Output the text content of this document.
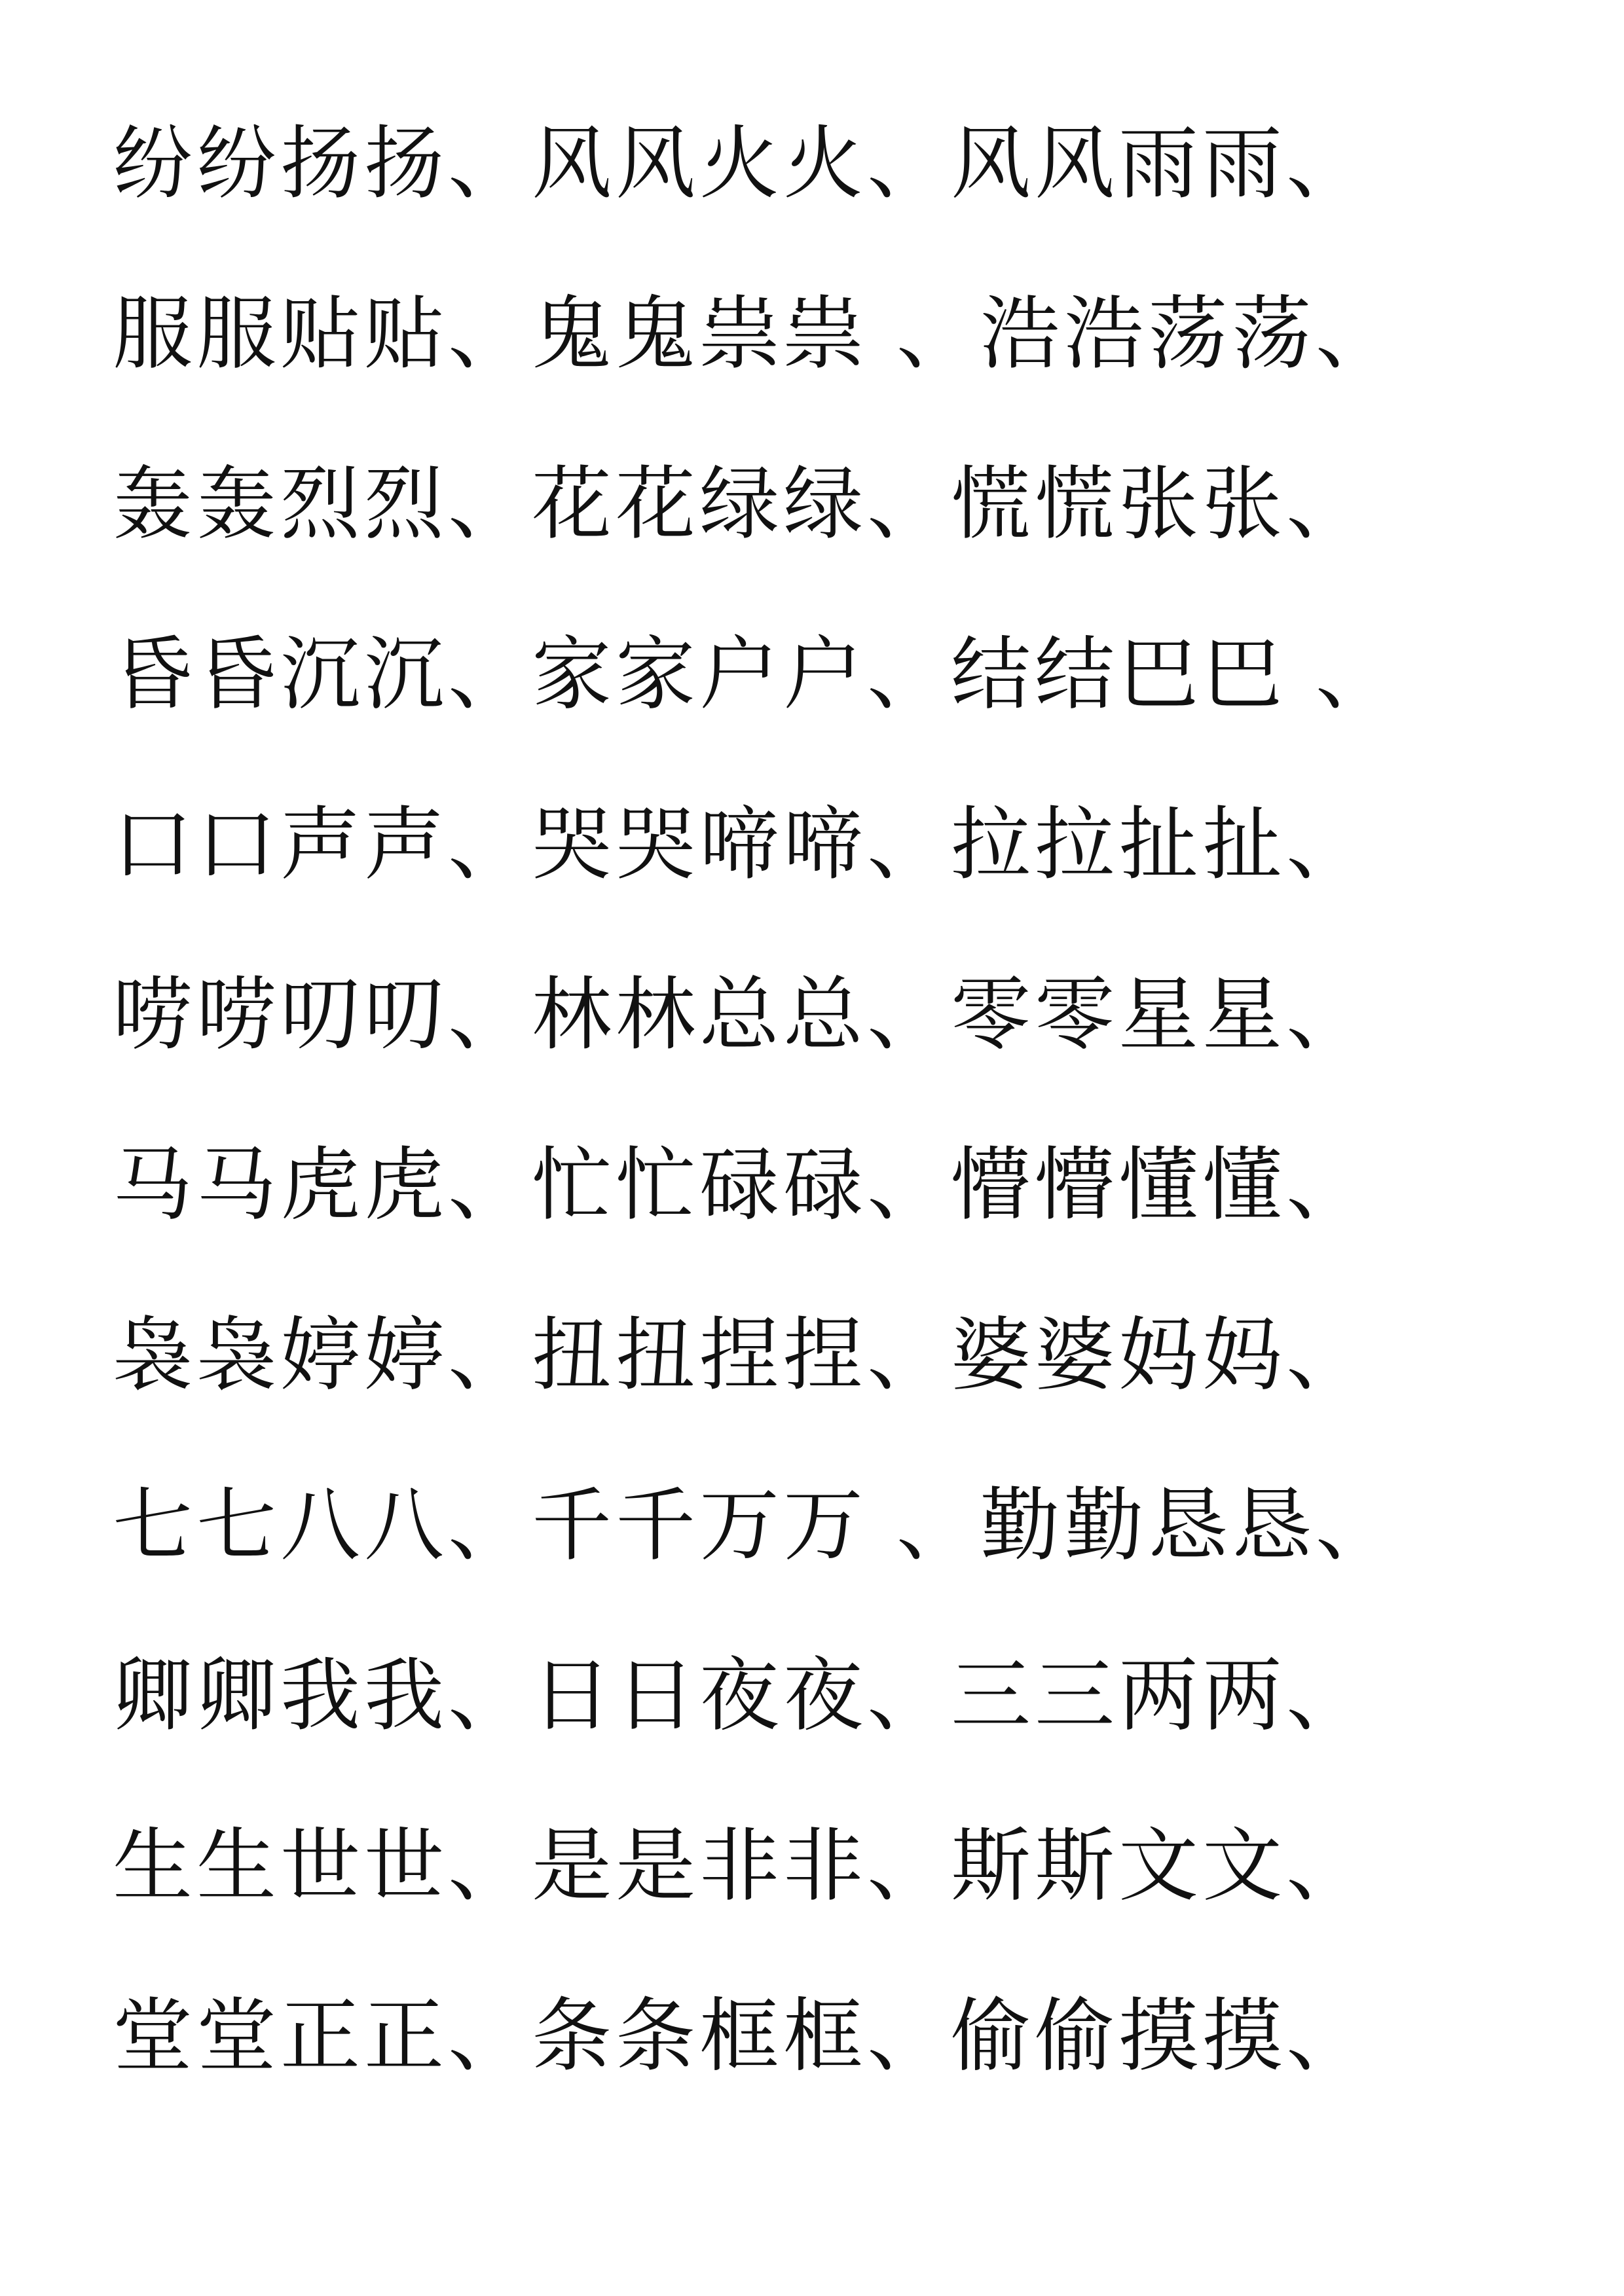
纷纷扬扬、风风火火、风风雨雨、
服服贴贴、鬼鬼祟祟 、浩浩荡荡、
轰轰烈烈、花花绿绿、慌慌张张、
昏昏沉沉、家家户户、结结巴巴 、
口口声声、哭哭啼啼、拉拉扯扯、
唠唠叨叨、林林总总、零零星星、
马马虎虎、忙忙碌碌、懵懵懂懂、
袅袅婷婷、扭扭捏捏、婆婆妈妈、
七七八八、千千万万 、勤勤恳恳、
卿卿我我、日日夜夜、三三两两、
生生世世、是是非非、斯斯文文、
堂堂正正、条条框框、偷偷摸摸、
